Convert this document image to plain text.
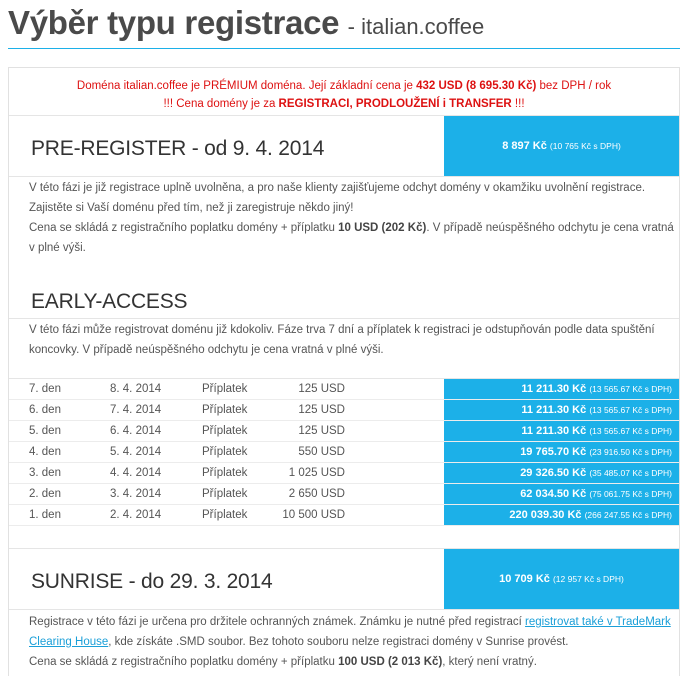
Výběr typu registrace - italian.coffee
Doména italian.coffee je PRÉMIUM doména. Její základní cena je 432 USD (8 695.30 Kč) bez DPH / rok
!!! Cena domény je za REGISTRACI, PRODLOUŽENÍ i TRANSFER !!!
PRE-REGISTER - od 9. 4. 2014	8 897 Kč (10 765 Kč s DPH)
V této fázi je již registrace uplně uvolněna, a pro naše klienty zajišťujeme odchyt domény v okamžiku uvolnění registrace. Zajistěte si Vaší doménu před tím, než ji zaregistruje někdo jiný!
Cena se skládá z registračního poplatku domény + příplatku 10 USD (202 Kč). V případě neúspěšného odchytu je cena vratná v plné výši.
EARLY-ACCESS
V této fázi může registrovat doménu již kdokoliv. Fáze trva 7 dní a příplatek k registraci je odstupňován podle data spuštění koncovky. V případě neúspěšného odchytu je cena vratná v plné výši.
7. den	8. 4. 2014	Příplatek	125 USD	11 211.30 Kč (13 565.67 Kč s DPH)
6. den	7. 4. 2014	Příplatek	125 USD	11 211.30 Kč (13 565.67 Kč s DPH)
5. den	6. 4. 2014	Příplatek	125 USD	11 211.30 Kč (13 565.67 Kč s DPH)
4. den	5. 4. 2014	Příplatek	550 USD	19 765.70 Kč (23 916.50 Kč s DPH)
3. den	4. 4. 2014	Příplatek	1 025 USD	29 326.50 Kč (35 485.07 Kč s DPH)
2. den	3. 4. 2014	Příplatek	2 650 USD	62 034.50 Kč (75 061.75 Kč s DPH)
1. den	2. 4. 2014	Příplatek	10 500 USD	220 039.30 Kč (266 247.55 Kč s DPH)
SUNRISE - do 29. 3. 2014	10 709 Kč (12 957 Kč s DPH)
Registrace v této fázi je určena pro držitele ochranných známek. Známku je nutné před registrací registrovat také v TradeMark Clearing House, kde získáte .SMD soubor. Bez tohoto souboru nelze registraci domény v Sunrise provést.
Cena se skládá z registračního poplatku domény + příplatku 100 USD (2 013 Kč), který není vratný.
